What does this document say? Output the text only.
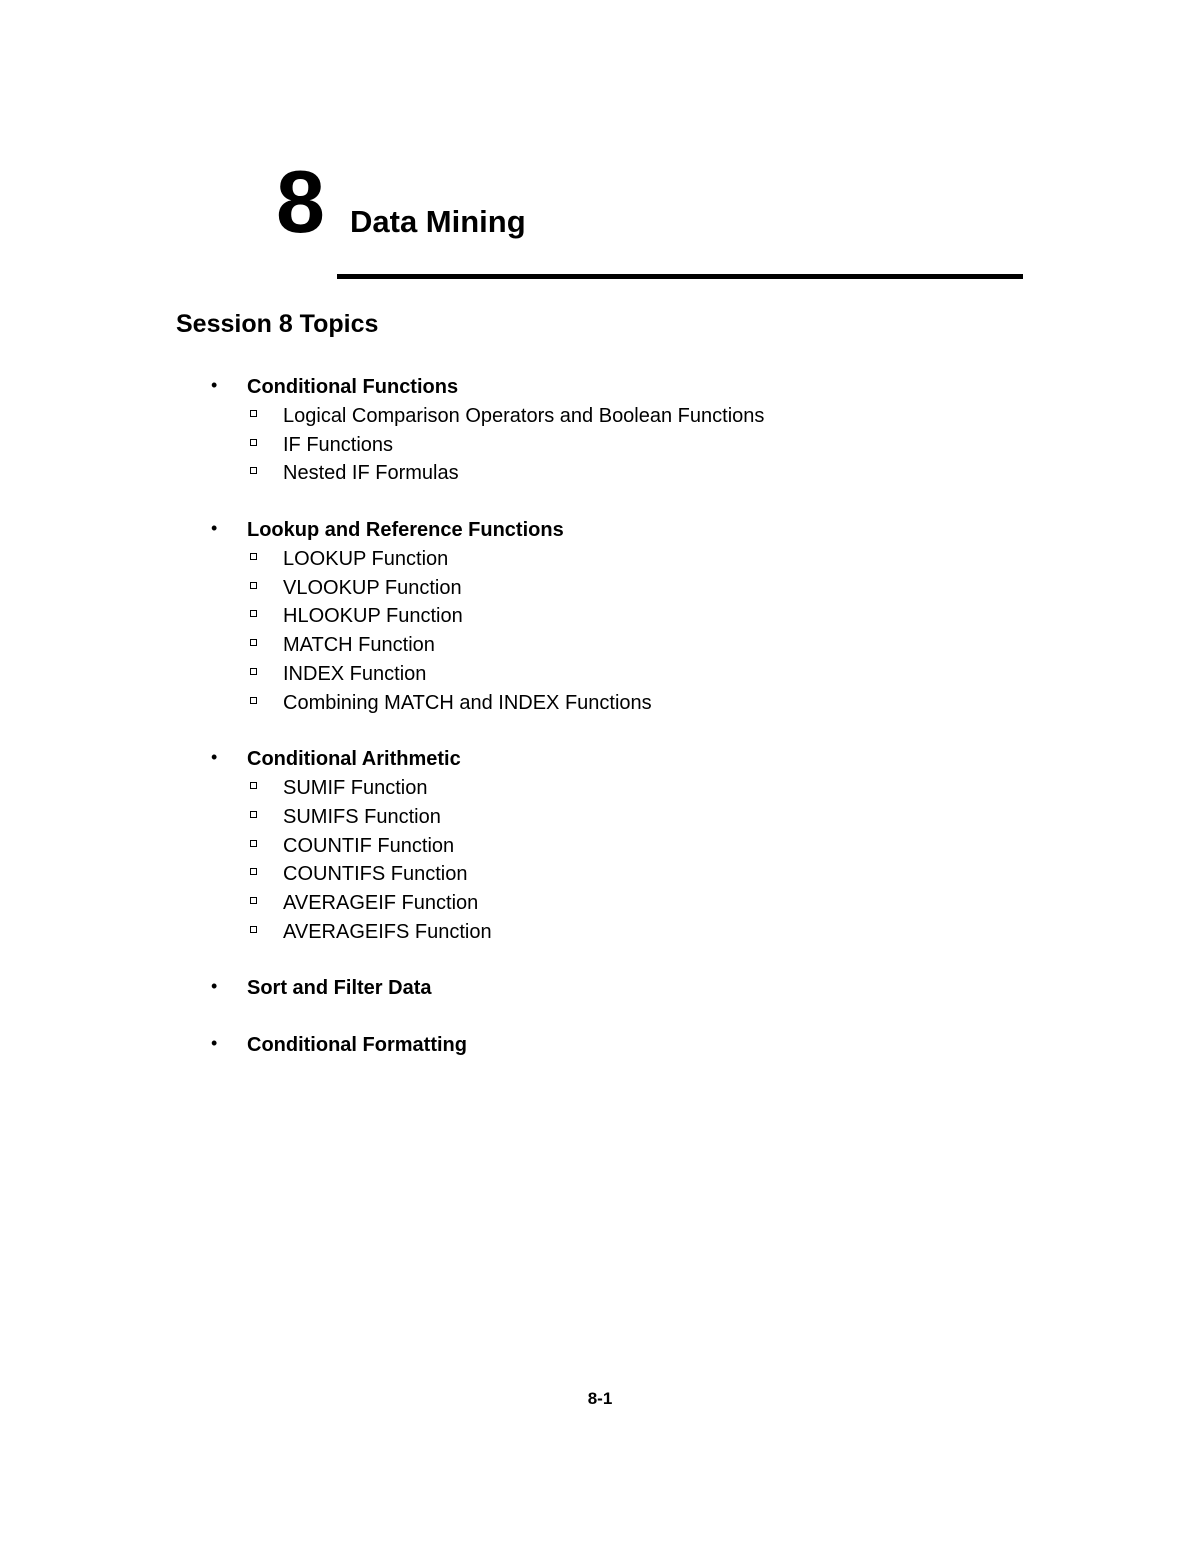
8 Data Mining
Session 8 Topics
• Conditional Functions
Logical Comparison Operators and Boolean Functions
IF Functions
Nested IF Formulas
• Lookup and Reference Functions
LOOKUP Function
VLOOKUP Function
HLOOKUP Function
MATCH Function
INDEX Function
Combining MATCH and INDEX Functions
• Conditional Arithmetic
SUMIF Function
SUMIFS Function
COUNTIF Function
COUNTIFS Function
AVERAGEIF Function
AVERAGEIFS Function
• Sort and Filter Data
• Conditional Formatting

8-1
